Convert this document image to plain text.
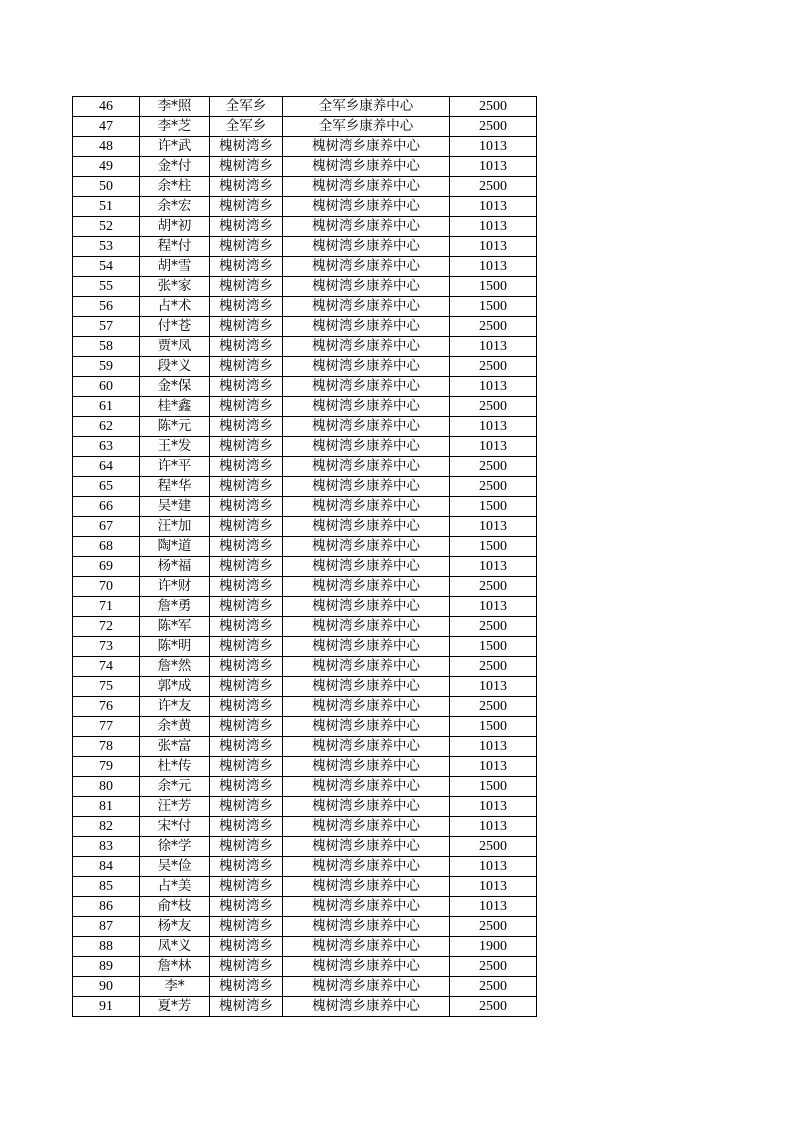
46	李*照	全军乡	全军乡康养中心	2500
47	李*芝	全军乡	全军乡康养中心	2500
48	许*武	槐树湾乡	槐树湾乡康养中心	1013
49	金*付	槐树湾乡	槐树湾乡康养中心	1013
50	余*柱	槐树湾乡	槐树湾乡康养中心	2500
51	余*宏	槐树湾乡	槐树湾乡康养中心	1013
52	胡*初	槐树湾乡	槐树湾乡康养中心	1013
53	程*付	槐树湾乡	槐树湾乡康养中心	1013
54	胡*雪	槐树湾乡	槐树湾乡康养中心	1013
55	张*家	槐树湾乡	槐树湾乡康养中心	1500
56	占*术	槐树湾乡	槐树湾乡康养中心	1500
57	付*苍	槐树湾乡	槐树湾乡康养中心	2500
58	贾*凤	槐树湾乡	槐树湾乡康养中心	1013
59	段*义	槐树湾乡	槐树湾乡康养中心	2500
60	金*保	槐树湾乡	槐树湾乡康养中心	1013
61	桂*鑫	槐树湾乡	槐树湾乡康养中心	2500
62	陈*元	槐树湾乡	槐树湾乡康养中心	1013
63	王*发	槐树湾乡	槐树湾乡康养中心	1013
64	许*平	槐树湾乡	槐树湾乡康养中心	2500
65	程*华	槐树湾乡	槐树湾乡康养中心	2500
66	吴*建	槐树湾乡	槐树湾乡康养中心	1500
67	汪*加	槐树湾乡	槐树湾乡康养中心	1013
68	陶*道	槐树湾乡	槐树湾乡康养中心	1500
69	杨*福	槐树湾乡	槐树湾乡康养中心	1013
70	许*财	槐树湾乡	槐树湾乡康养中心	2500
71	詹*勇	槐树湾乡	槐树湾乡康养中心	1013
72	陈*军	槐树湾乡	槐树湾乡康养中心	2500
73	陈*明	槐树湾乡	槐树湾乡康养中心	1500
74	詹*然	槐树湾乡	槐树湾乡康养中心	2500
75	郭*成	槐树湾乡	槐树湾乡康养中心	1013
76	许*友	槐树湾乡	槐树湾乡康养中心	2500
77	余*黄	槐树湾乡	槐树湾乡康养中心	1500
78	张*富	槐树湾乡	槐树湾乡康养中心	1013
79	杜*传	槐树湾乡	槐树湾乡康养中心	1013
80	余*元	槐树湾乡	槐树湾乡康养中心	1500
81	汪*芳	槐树湾乡	槐树湾乡康养中心	1013
82	宋*付	槐树湾乡	槐树湾乡康养中心	1013
83	徐*学	槐树湾乡	槐树湾乡康养中心	2500
84	吴*俭	槐树湾乡	槐树湾乡康养中心	1013
85	占*美	槐树湾乡	槐树湾乡康养中心	1013
86	俞*枝	槐树湾乡	槐树湾乡康养中心	1013
87	杨*友	槐树湾乡	槐树湾乡康养中心	2500
88	凤*义	槐树湾乡	槐树湾乡康养中心	1900
89	詹*林	槐树湾乡	槐树湾乡康养中心	2500
90	李*	槐树湾乡	槐树湾乡康养中心	2500
91	夏*芳	槐树湾乡	槐树湾乡康养中心	2500
